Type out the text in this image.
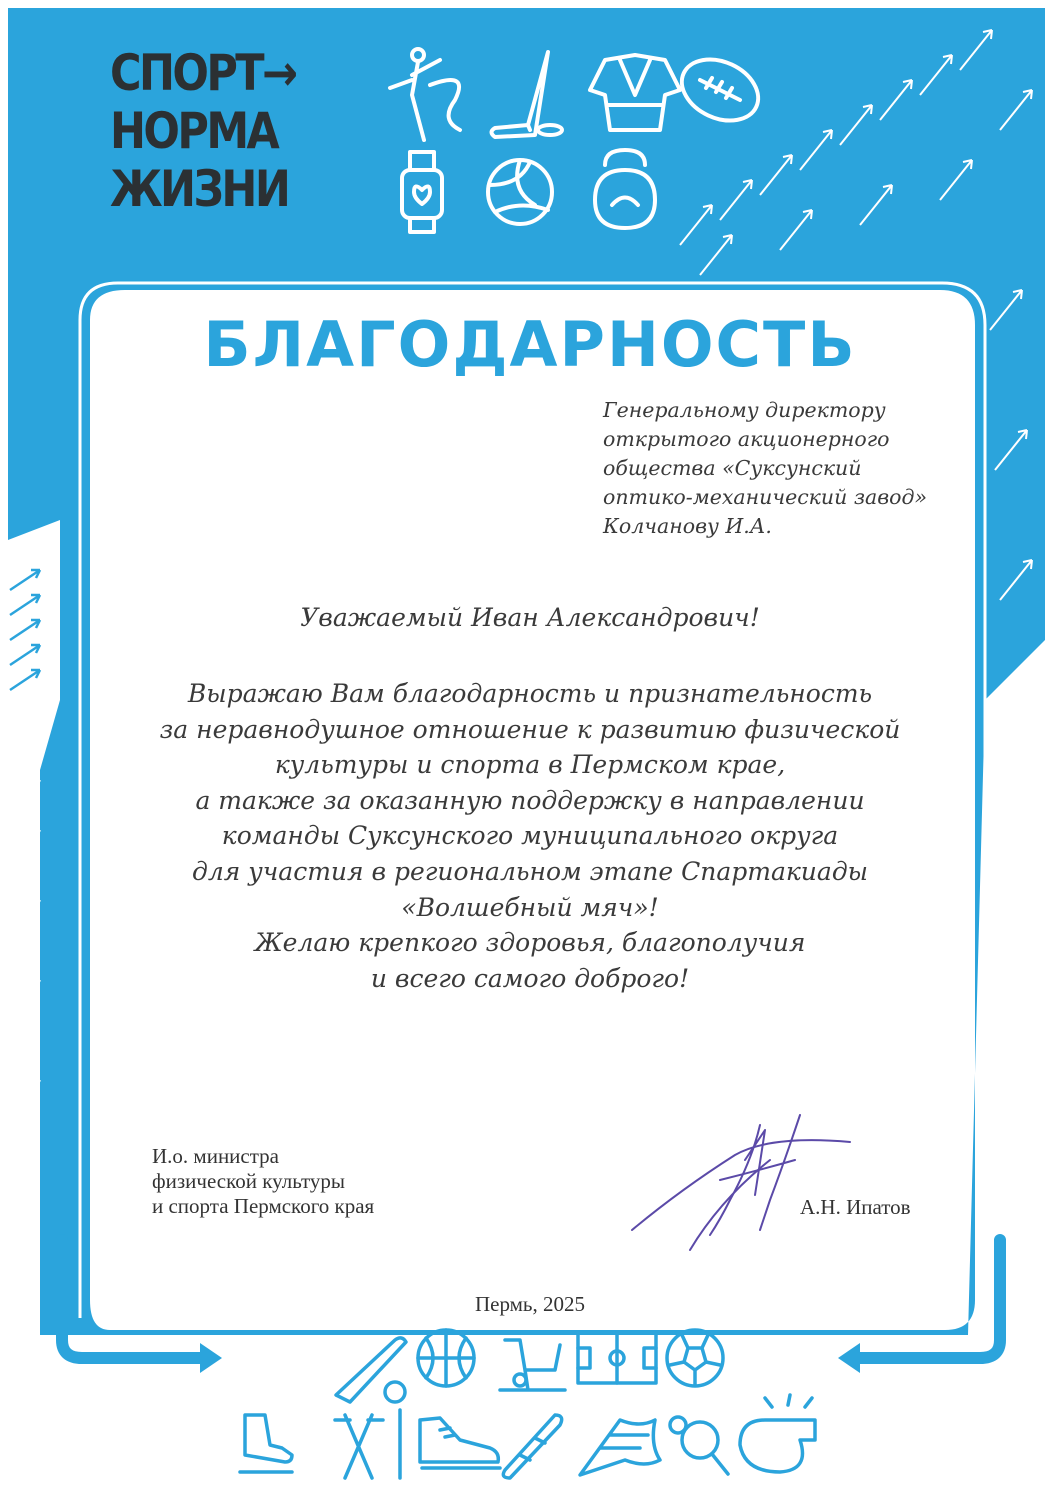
СПОРТ→
НОРМА
ЖИЗНИ
БЛАГОДАРНОСТЬ
Генеральному директору
открытого акционерного
общества «Суксунский
оптико-механический завод»
Колчанову И.А.
Уважаемый Иван Александрович!
Выражаю Вам благодарность и признательность
за неравнодушное отношение к развитию физической
культуры и спорта в Пермском крае,
а также за оказанную поддержку в направлении
команды Суксунского муниципального округа
для участия в региональном этапе Спартакиады
«Волшебный мяч»!
Желаю крепкого здоровья, благополучия
и всего самого доброго!
И.о. министра
физической культуры
и спорта Пермского края	А.Н. Ипатов
Пермь, 2025
